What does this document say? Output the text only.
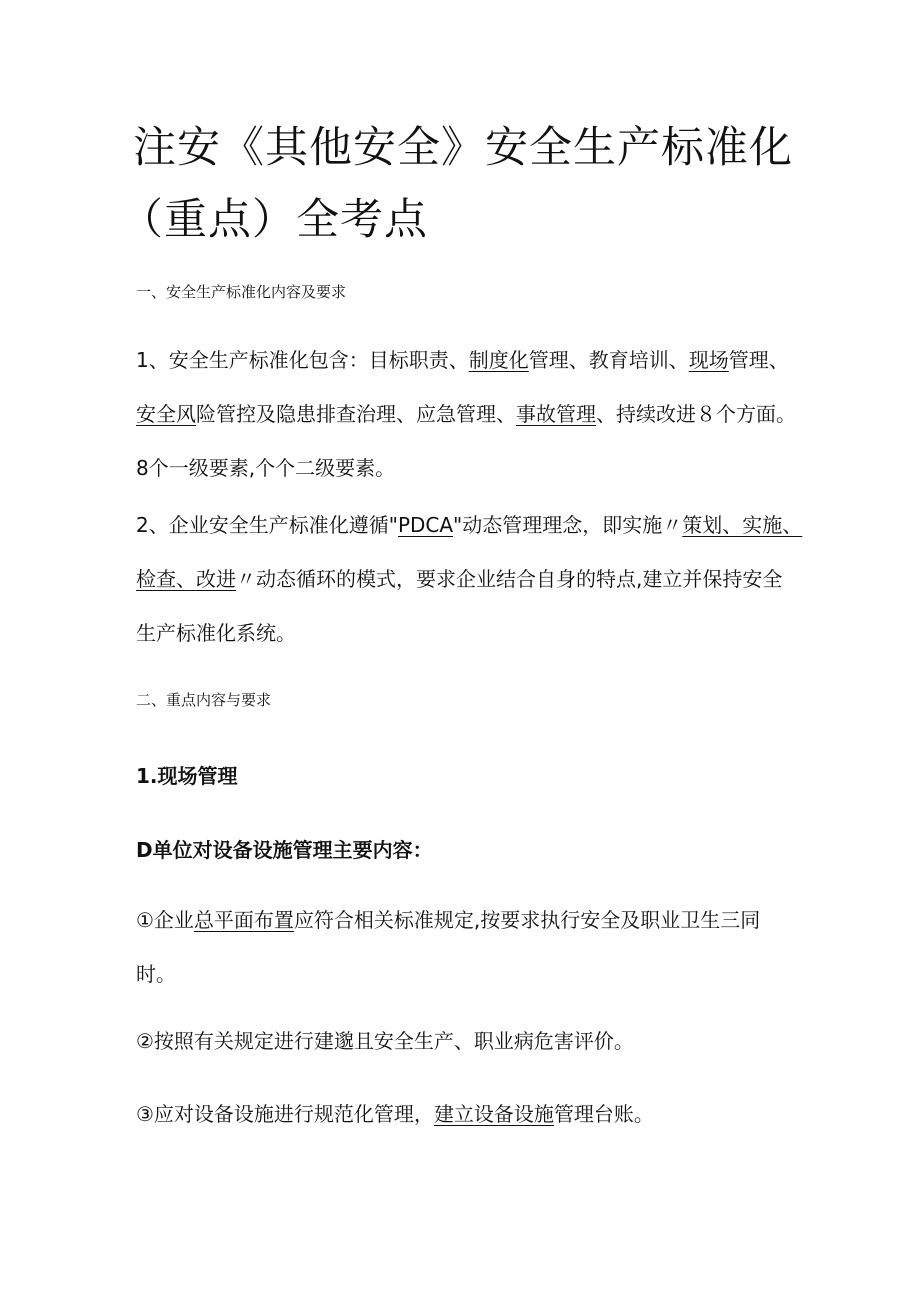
注安《其他安全》安全生产标准化
（重点）全考点
一、安全生产标准化内容及要求

1、安全生产标准化包含：目标职责、制度化管理、教育培训、现场管理、
安全风险管控及隐患排查治理、应急管理、事故管理、持续改进８个方面。
8个一级要素,个个二级要素。

2、企业安全生产标准化遵循"PDCA"动态管理理念，即实施〃策划、实施、
检查、改进〃动态循环的模式，要求企业结合自身的特点,建立并保持安全
生产标准化系统。

二、重点内容与要求
1.现场管理
D单位对设备设施管理主要内容：

①企业总平面布置应符合相关标准规定,按要求执行安全及职业卫生三同
时。

②按照有关规定进行建邈且安全生产、职业病危害评价。

③应对设备设施进行规范化管理，建立设备设施管理台账。
